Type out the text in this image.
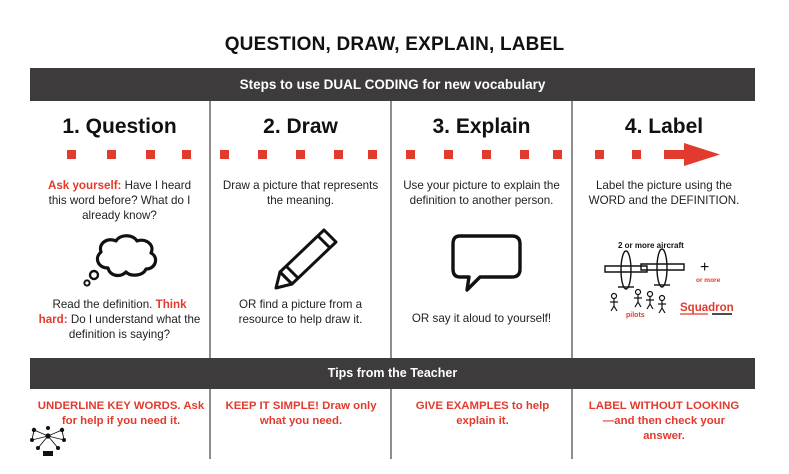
QUESTION, DRAW, EXPLAIN, LABEL
Steps to use DUAL CODING for new vocabulary
1. Question
Ask yourself: Have I heard this word before? What do I already know?
Read the definition. Think hard: Do I understand what the definition is saying?
2. Draw
Draw a picture that represents the meaning.
OR find a picture from a resource to help draw it.
3. Explain
Use your picture to explain the definition to another person.
OR say it aloud to yourself!
4. Label
Label the picture using the WORD and the DEFINITION.
2 or more aircraft
+
or more
pilots
Squadron
Tips from the Teacher
UNDERLINE KEY WORDS. Ask for help if you need it.
KEEP IT SIMPLE! Draw only what you need.
GIVE EXAMPLES to help explain it.
LABEL WITHOUT LOOKING—and then check your answer.
